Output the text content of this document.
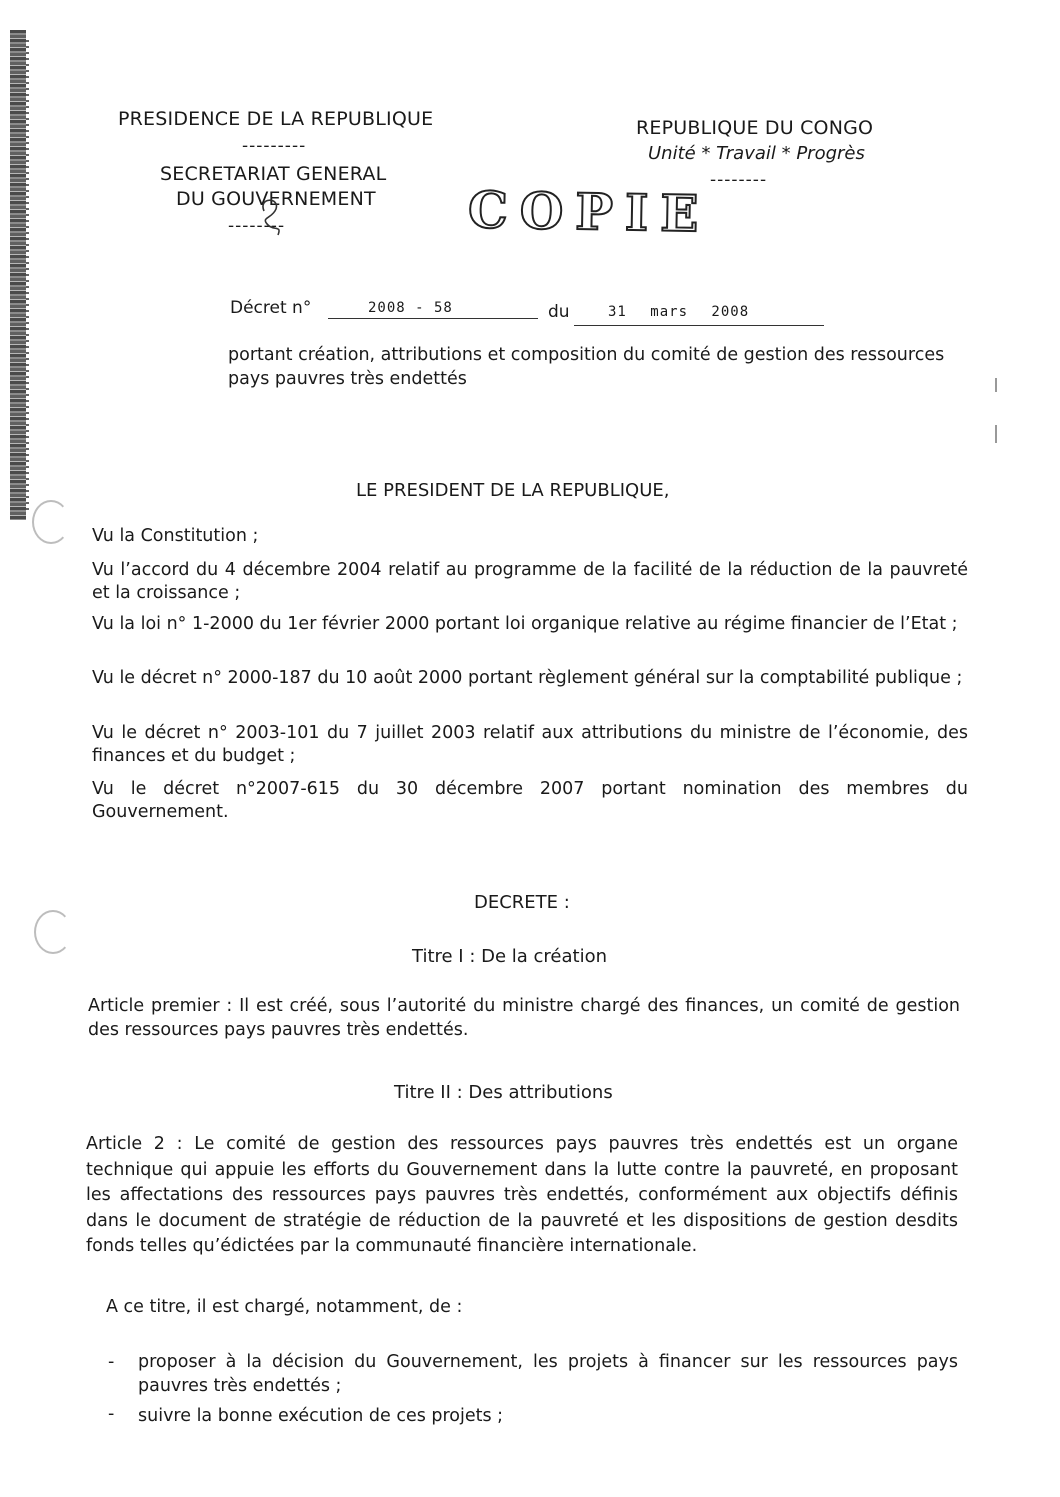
PRESIDENCE DE LA REPUBLIQUE
---------
SECRETARIAT GENERAL
DU GOUVERNEMENT
--------
REPUBLIQUE DU CONGO
Unité * Travail * Progrès
--------
COPIE
Décret n°	2008 - 58	du	31 mars 2008
portant création, attributions et composition du comité de gestion des ressources pays pauvres très endettés
LE PRESIDENT DE LA REPUBLIQUE,
Vu la Constitution ;
Vu l’accord du 4 décembre 2004 relatif au programme de la facilité de la réduction de la pauvreté et la croissance ;
Vu la loi n° 1-2000 du 1er février 2000 portant loi organique relative au régime financier de l’Etat ;
Vu le décret n° 2000-187 du 10 août 2000 portant règlement général sur la comptabilité publique ;
Vu le décret n° 2003-101 du 7 juillet 2003 relatif aux attributions du ministre de l’économie, des finances et du budget ;
Vu le décret n°2007-615 du 30 décembre 2007 portant nomination des membres du Gouvernement.
DECRETE :
Titre I : De la création
Article premier : Il est créé, sous l’autorité du ministre chargé des finances, un comité de gestion des ressources pays pauvres très endettés.
Titre II : Des attributions
Article 2 : Le comité de gestion des ressources pays pauvres très endettés est un organe technique qui appuie les efforts du Gouvernement dans la lutte contre la pauvreté, en proposant les affectations des ressources pays pauvres très endettés, conformément aux objectifs définis dans le document de stratégie de réduction de la pauvreté et les dispositions de gestion desdits fonds telles qu’édictées par la communauté financière internationale.
A ce titre, il est chargé, notamment, de :
- proposer à la décision du Gouvernement, les projets à financer sur les ressources pays pauvres très endettés ;
- suivre la bonne exécution de ces projets ;
